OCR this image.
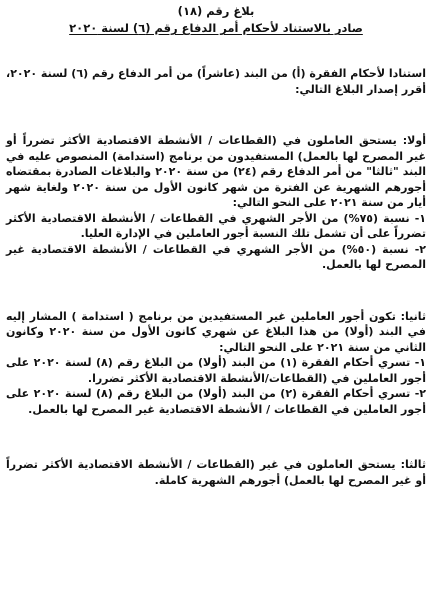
بلاغ رقم (١٨)

صادر بالاستناد لأحكام أمر الدفاع رقم (٦) لسنة ٢٠٢٠

استنادا لأحكام الفقرة (أ) من البند (عاشراً) من أمر الدفاع رقم (٦) لسنة ٢٠٢٠، أقرر إصدار البلاغ التالي:

أولا: يستحق العاملون في (القطاعات / الأنشطة الاقتصادية الأكثر تضرراً أو غير المصرح لها بالعمل) المستفيدون من برنامج (استدامة) المنصوص عليه في البند "ثالثا" من أمر الدفاع رقم (٢٤) من سنة ٢٠٢٠ والبلاغات الصادرة بمقتضاه أجورهم الشهرية عن الفترة من شهر كانون الأول من سنة ٢٠٢٠ ولغاية شهر أيار من سنة ٢٠٢١ على النحو التالي:

١- نسبة (٧٥%) من الأجر الشهري في القطاعات / الأنشطة الاقتصادية الأكثر تضرراً على أن تشمل تلك النسبة أجور العاملين في الإدارة العليا.

٢- نسبة (٥٠%) من الأجر الشهري في القطاعات / الأنشطة الاقتصادية غير المصرح لها بالعمل.

ثانيا: تكون أجور العاملين غير المستفيدين من برنامج ( استدامة ) المشار إليه في البند (أولا) من هذا البلاغ عن شهري كانون الأول من سنة ٢٠٢٠ وكانون الثاني من سنة ٢٠٢١ على النحو التالي:

١- تسري أحكام الفقرة (١) من البند (أولا) من البلاغ رقم (٨) لسنة ٢٠٢٠ على أجور العاملين في (القطاعات/الأنشطة الاقتصادية الأكثر تضررا.

٢- تسري أحكام الفقرة (٢) من البند (أولا) من البلاغ رقم (٨) لسنة ٢٠٢٠ على أجور العاملين في القطاعات / الأنشطة الاقتصادية غير المصرح لها بالعمل.

ثالثا: يستحق العاملون في غير (القطاعات / الأنشطة الاقتصادية الأكثر تضرراً أو غير المصرح لها بالعمل) أجورهم الشهرية كاملة.
